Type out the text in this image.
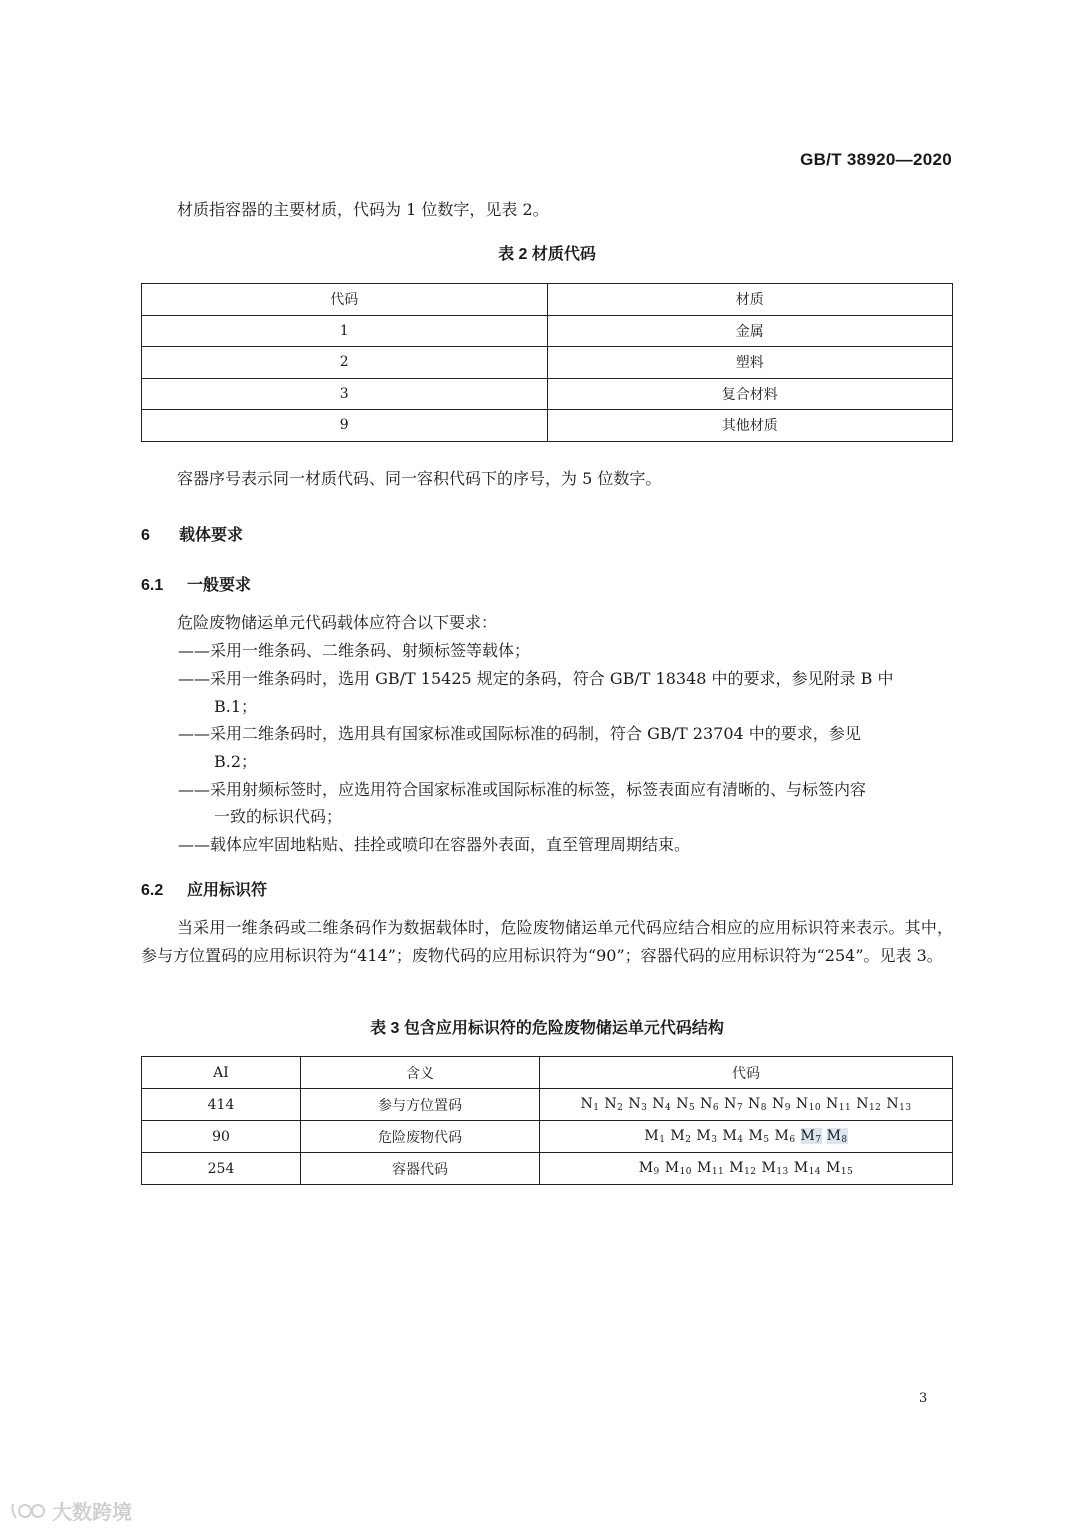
GB/T 38920—2020
材质指容器的主要材质，代码为 1 位数字，见表 2。
表 2 材质代码
代码	材质
1	金属
2	塑料
3	复合材料
9	其他材质
容器序号表示同一材质代码、同一容积代码下的序号，为 5 位数字。
6 载体要求
6.1 一般要求
危险废物储运单元代码载体应符合以下要求：
——采用一维条码、二维条码、射频标签等载体；
——采用一维条码时，选用 GB/T 15425 规定的条码，符合 GB/T 18348 中的要求，参见附录 B 中
B.1；
——采用二维条码时，选用具有国家标准或国际标准的码制，符合 GB/T 23704 中的要求，参见
B.2；
——采用射频标签时，应选用符合国家标准或国际标准的标签，标签表面应有清晰的、与标签内容
一致的标识代码；
——载体应牢固地粘贴、挂拴或喷印在容器外表面，直至管理周期结束。
6.2 应用标识符
当采用一维条码或二维条码作为数据载体时，危险废物储运单元代码应结合相应的应用标识符来表示。其中，参与方位置码的应用标识符为“414”；废物代码的应用标识符为“90”；容器代码的应用标识符为“254”。见表 3。
表 3 包含应用标识符的危险废物储运单元代码结构
AI	含义	代码
414	参与方位置码	$N_1$ $N_2$ $N_3$ $N_4$ $N_5$ $N_6$ $N_7$ $N_8$ $N_9$ $N_{10}$ $N_{11}$ $N_{12}$ $N_{13}$
90	危险废物代码	$M_1$ $M_2$ $M_3$ $M_4$ $M_5$ $M_6$ $M_7$ $M_8$
254	容器代码	$M_9$ $M_{10}$ $M_{11}$ $M_{12}$ $M_{13}$ $M_{14}$ $M_{15}$
3
大数跨境
